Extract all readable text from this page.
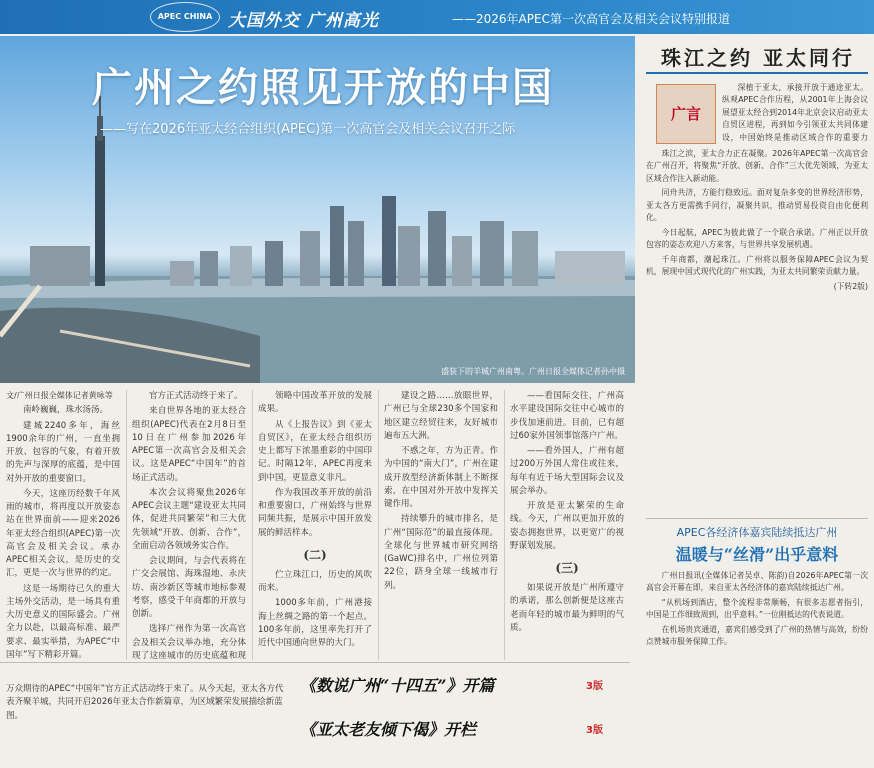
APEC CHINA 大国外交 广州高光	——2026年APEC第一次高官会及相关会议特别报道
广州之约照见开放的中国
——写在2026年亚太经合组织(APEC)第一次高官会及相关会议召开之际
盛装下的羊城广州南粤。广州日报全媒体记者孙中摄

文/广州日报全媒体记者黄咏等

南岭巍巍，珠水汤汤。

建城2240多年，海丝1900余年的广州，一直坐拥开放、包容的气象，有着开放的先声与深厚的底蕴，是中国对外开放的重要窗口。

今天，这座历经数千年风雨的城市，将再度以开放姿态站在世界面前——迎来2026年亚太经合组织(APEC)第一次高官会及相关会议。承办APEC相关会议，是历史的交汇，更是一次与世界的约定。

这是一场期待已久的重大主场外交活动，是一场具有重大历史意义的国际盛会。广州全力以赴，以最高标准、最严要求、最实举措，为APEC“中国年”写下精彩开篇。

官方正式活动终于来了。

来自世界各地的亚太经合组织(APEC)代表在2月8日至10日在广州参加2026年APEC第一次高官会及相关会议。这是APEC“中国年”的首场正式活动。

本次会议将聚焦2026年APEC会议主题“建设亚太共同体，促进共同繁荣”和三大优先领域“开放、创新、合作”，全面启动各领域务实合作。

会议期间，与会代表将在广交会展馆、海珠湿地、永庆坊、南沙新区等城市地标参观考察，感受千年商都的开放与创新。

选择广州作为第一次高官会及相关会议举办地，充分体现了这座城市的历史底蕴和现

领略中国改革开放的发展成果。

从《上报告议》到《亚太自贸区》，在亚太经合组织历史上都写下浓墨重彩的中国印记。时隔12年，APEC再度来到中国，更显意义非凡。

作为我国改革开放的前沿和重要窗口，广州始终与世界同频共振，是展示中国开放发展的鲜活样本。

(二)

伫立珠江口，历史的风吹而来。

1000多年前，广州港接海上丝绸之路的第一个起点。100多年前，这里率先打开了近代中国通向世界的大门。

建设之路……放眼世界，广州已与全球230多个国家和地区建立经贸往来，友好城市遍布五大洲。

不惑之年，方为正青。作为中国的“南大门”，广州在建成开放型经济新体制上不断探索，在中国对外开放中发挥关键作用。

持续攀升的城市排名，是广州“国际范”的最直接体现。全球化与世界城市研究网络(GaWC)排名中，广州位列第22位，跻身全球一线城市行列。

——看国际交往，广州高水平建设国际交往中心城市的步伐加速前进。目前，已有超过60家外国领事馆落户广州。

——看外国人，广州有超过200万外国人常住或往来，每年有近千场大型国际会议及展会举办。

开放是亚太繁荣的生命线。今天，广州以更加开放的姿态拥抱世界，以更宽广的视野谋划发展。

(三)

如果说开放是广州所遵守的承诺，那么创新便是这座古老而年轻的城市最为鲜明的气质。

万众期待的APEC“中国年”官方正式活动终于来了。从今天起，亚太各方代表齐聚羊城，共同开启2026年亚太合作新篇章，为区域繁荣发展描绘新蓝图。
《数说广州“十四五”》开篇	3版
《亚太老友倾下偈》开栏	3版
珠江之约 亚太同行
广言

深植于亚太，承接开放于通途亚太。纵观APEC合作历程，从2001年上海会议展望亚太经合到2014年北京会议启动亚太自贸区进程，再到如今引领亚太共同体建设，中国始终是推动区域合作的重要力

珠江之滨，亚太合力正在凝聚。2026年APEC第一次高官会在广州召开，将聚焦“开放、创新、合作”三大优先领域，为亚太区域合作注入新动能。

同舟共济，方能行稳致远。面对复杂多变的世界经济形势，亚太各方更需携手同行，凝聚共识，推动贸易投资自由化便利化。

今日起航，APEC为彼此做了一个联合承诺。广州正以开放包容的姿态欢迎八方来客，与世界共享发展机遇。

千年商都，潮起珠江。广州将以服务保障APEC会议为契机，展现中国式现代化的广州实践，为亚太共同繁荣贡献力量。

(下转2版)

APEC各经济体嘉宾陆续抵达广州
温暖与“丝滑”出乎意料

广州日报讯(全媒体记者吴卓、陈韵)自2026年APEC第一次高官会开幕在即，来自亚太各经济体的嘉宾陆续抵达广州。

“从机场到酒店，整个流程非常顺畅，有很多志愿者指引，中国是工作细致周到，出乎意料。”一位刚抵达的代表说道。

在机场贵宾通道，嘉宾们感受到了广州的热情与高效，纷纷点赞城市服务保障工作。
